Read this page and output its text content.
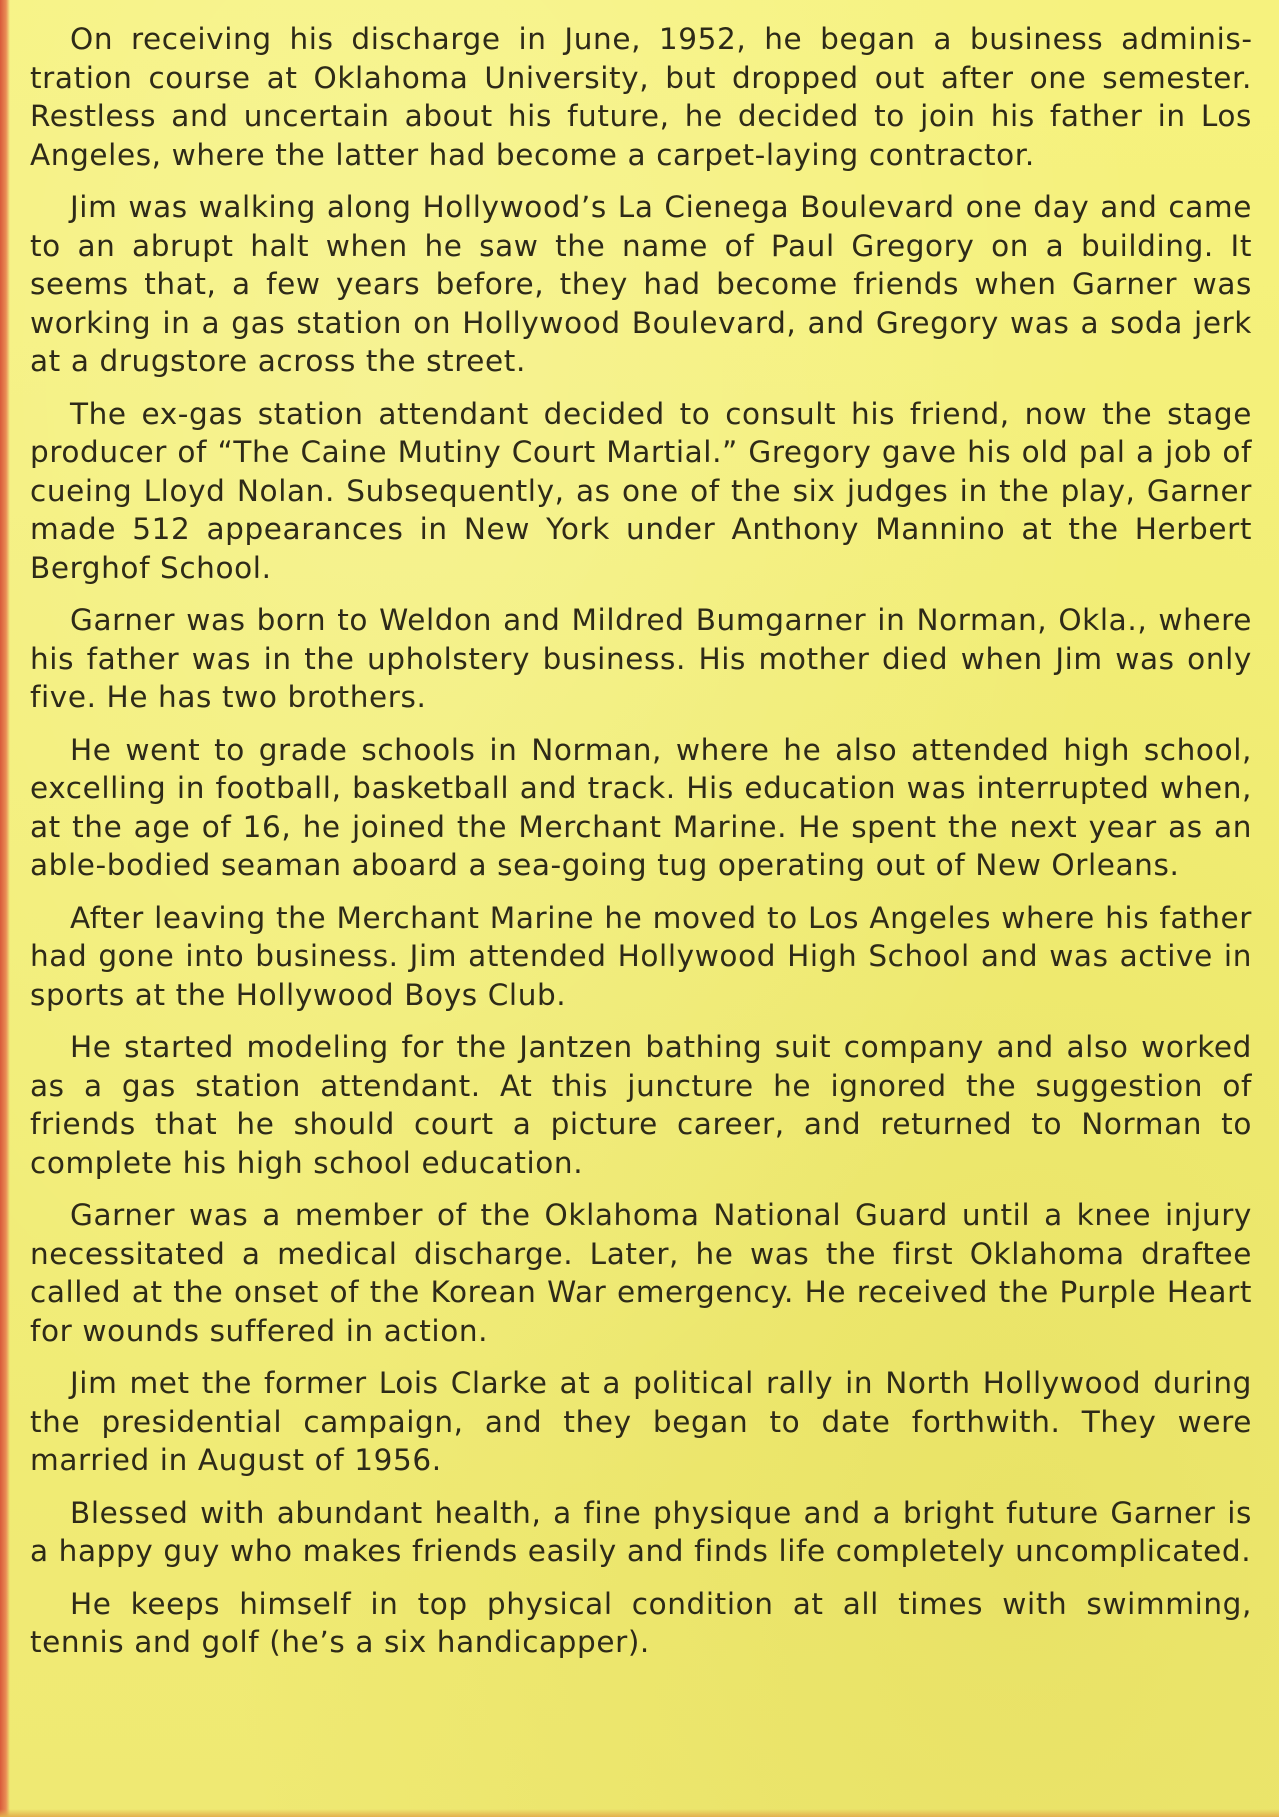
On receiving his discharge in June, 1952, he began a business administration course at Oklahoma University, but dropped out after one semester. Restless and uncertain about his future, he decided to join his father in Los Angeles, where the latter had become a carpet-laying contractor.

Jim was walking along Hollywood’s La Cienega Boulevard one day and came to an abrupt halt when he saw the name of Paul Gregory on a building. It seems that, a few years before, they had become friends when Garner was working in a gas station on Hollywood Boulevard, and Gregory was a soda jerk at a drugstore across the street.

The ex-gas station attendant decided to consult his friend, now the stage producer of “The Caine Mutiny Court Martial.” Gregory gave his old pal a job of cueing Lloyd Nolan. Subsequently, as one of the six judges in the play, Garner made 512 appearances in New York under Anthony Mannino at the Herbert Berghof School.

Garner was born to Weldon and Mildred Bumgarner in Norman, Okla., where his father was in the upholstery business. His mother died when Jim was only five. He has two brothers.

He went to grade schools in Norman, where he also attended high school, excelling in football, basketball and track. His education was interrupted when, at the age of 16, he joined the Merchant Marine. He spent the next year as an able-bodied seaman aboard a sea-going tug operating out of New Orleans.

After leaving the Merchant Marine he moved to Los Angeles where his father had gone into business. Jim attended Hollywood High School and was active in sports at the Hollywood Boys Club.

He started modeling for the Jantzen bathing suit company and also worked as a gas station attendant. At this juncture he ignored the suggestion of friends that he should court a picture career, and returned to Norman to complete his high school education.

Garner was a member of the Oklahoma National Guard until a knee injury necessitated a medical discharge. Later, he was the first Oklahoma draftee called at the onset of the Korean War emergency. He received the Purple Heart for wounds suffered in action.

Jim met the former Lois Clarke at a political rally in North Hollywood during the presidential campaign, and they began to date forthwith. They were married in August of 1956.

Blessed with abundant health, a fine physique and a bright future Garner is a happy guy who makes friends easily and finds life completely uncomplicated.

He keeps himself in top physical condition at all times with swimming, tennis and golf (he’s a six handicapper).
